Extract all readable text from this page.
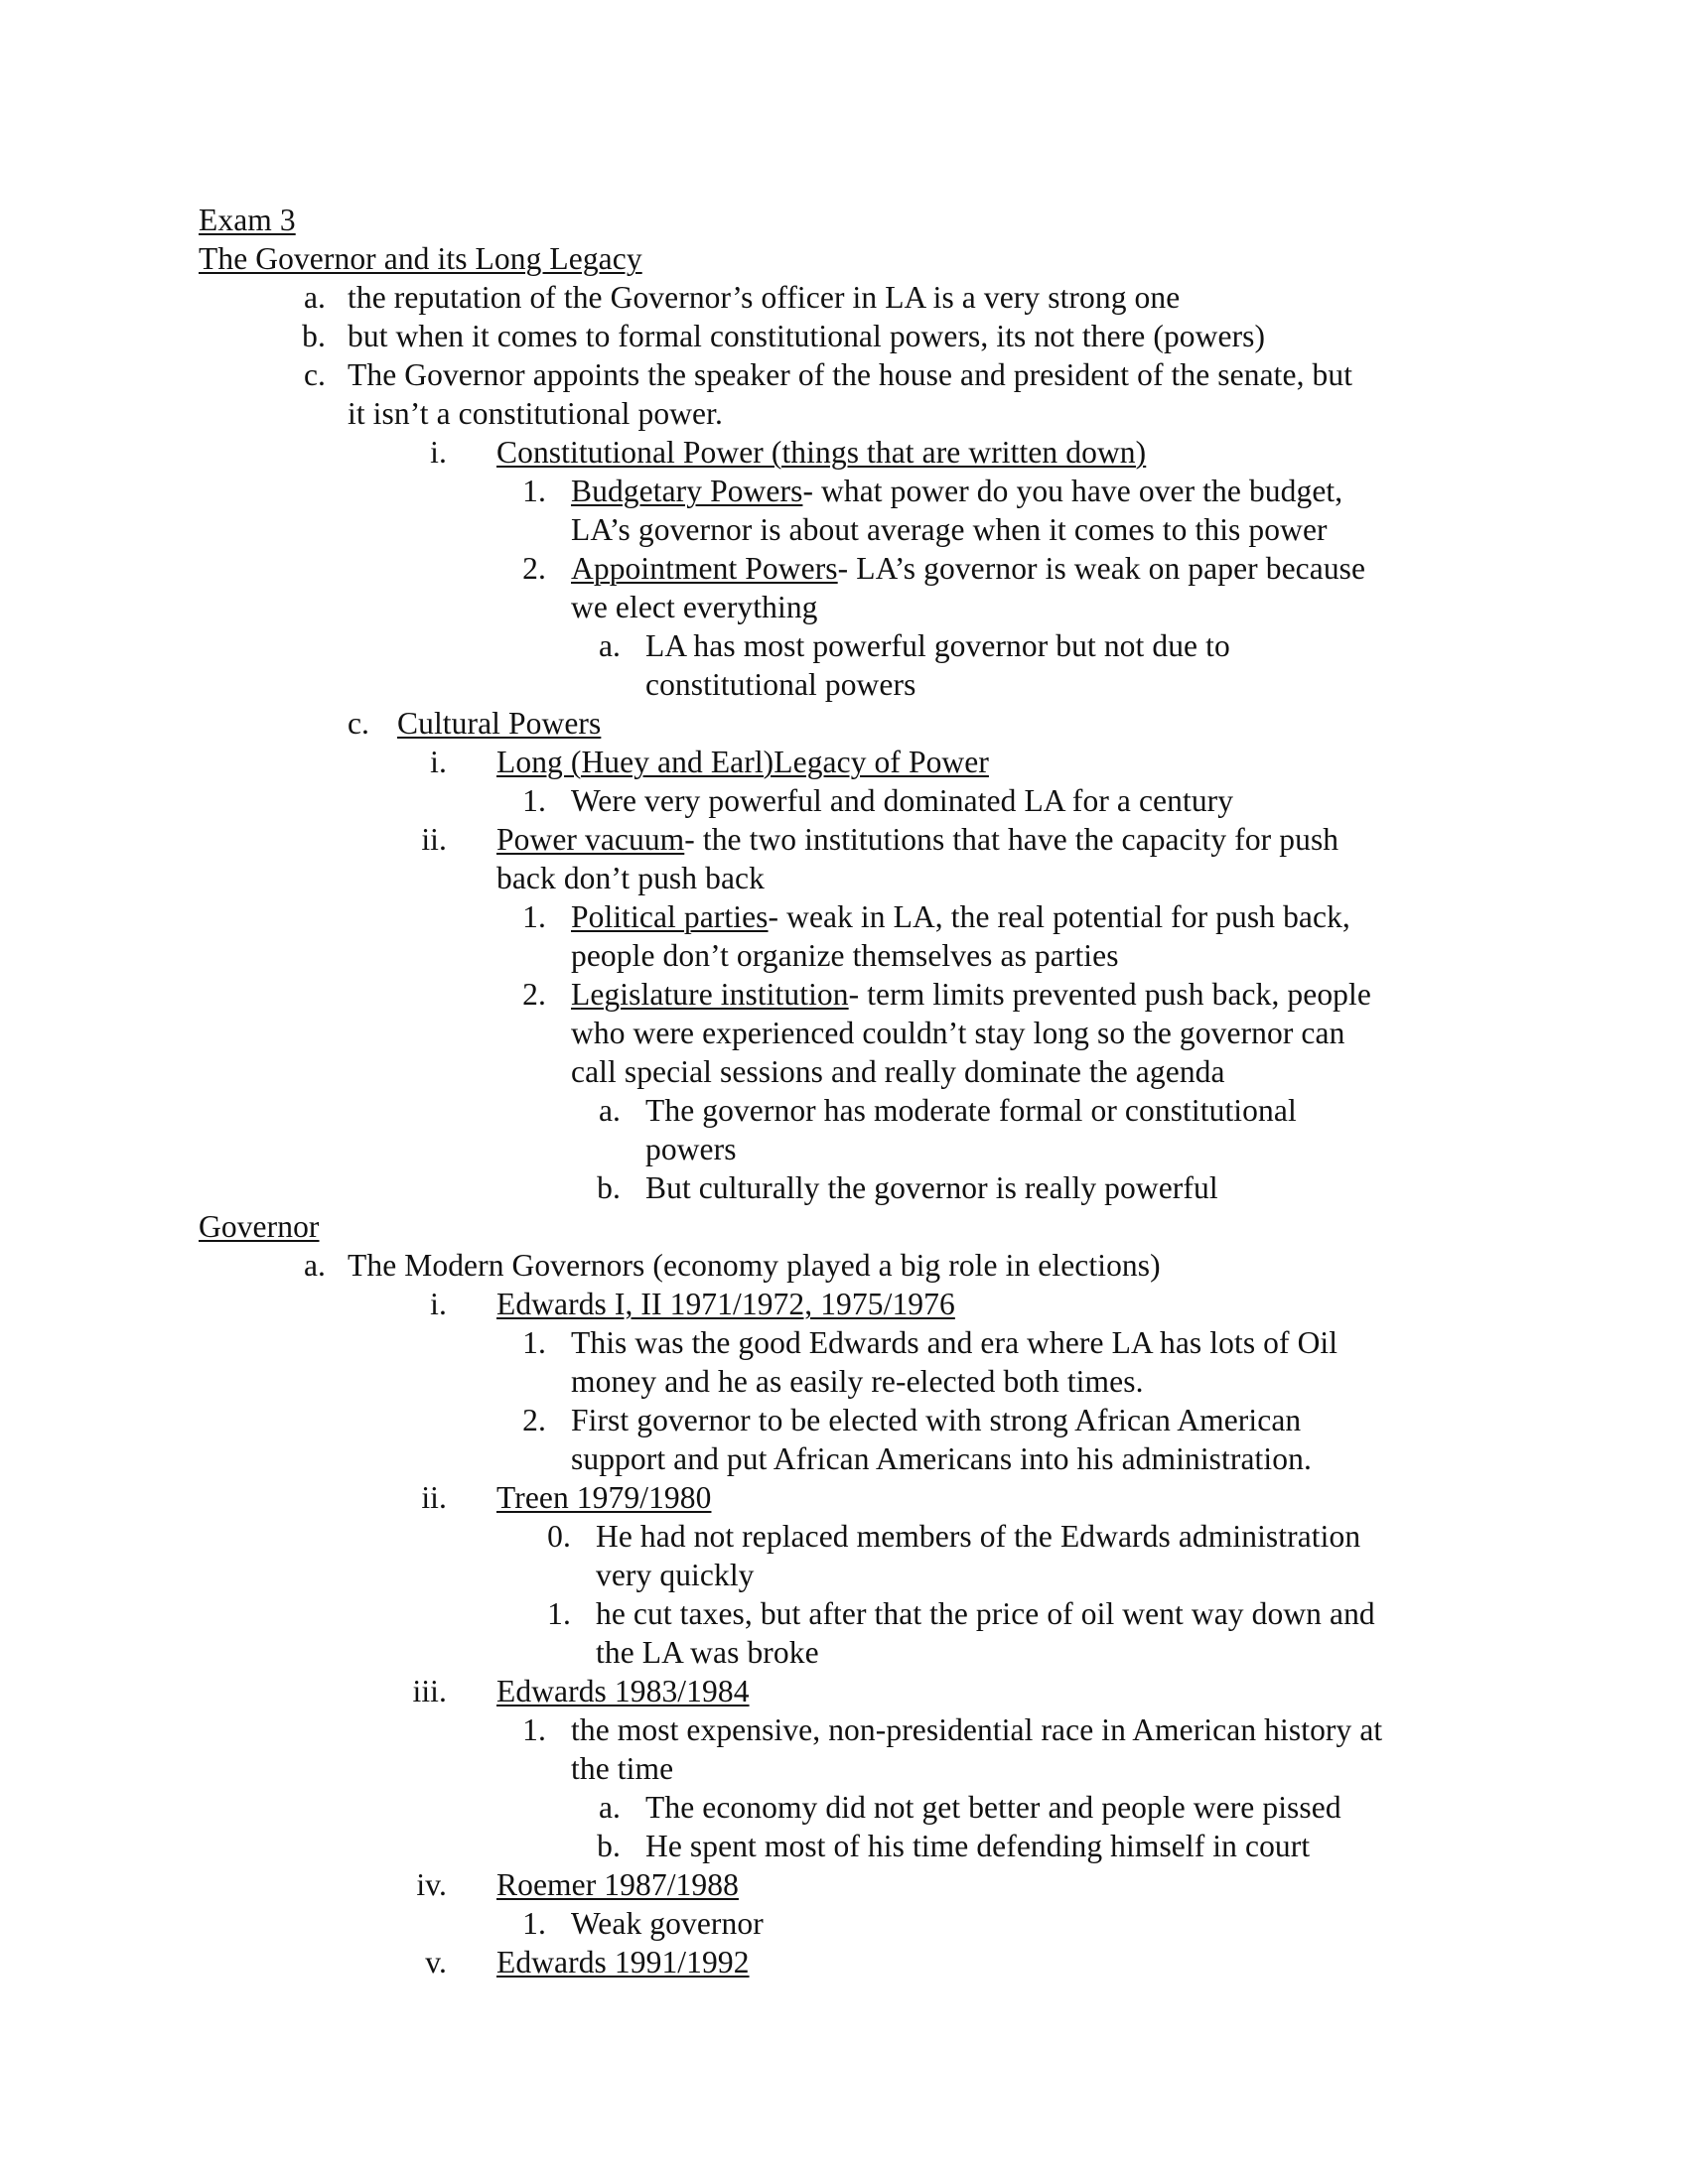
Exam 3
The Governor and its Long Legacy
a. the reputation of the Governor’s officer in LA is a very strong one
b. but when it comes to formal constitutional powers, its not there (powers)
c. The Governor appoints the speaker of the house and president of the senate, but
it isn’t a constitutional power.
i. Constitutional Power (things that are written down)
1. Budgetary Powers- what power do you have over the budget,
LA’s governor is about average when it comes to this power
2. Appointment Powers- LA’s governor is weak on paper because
we elect everything
a. LA has most powerful governor but not due to
constitutional powers
c. Cultural Powers
i. Long (Huey and Earl)Legacy of Power
1. Were very powerful and dominated LA for a century
ii. Power vacuum- the two institutions that have the capacity for push
back don’t push back
1. Political parties- weak in LA, the real potential for push back,
people don’t organize themselves as parties
2. Legislature institution- term limits prevented push back, people
who were experienced couldn’t stay long so the governor can
call special sessions and really dominate the agenda
a. The governor has moderate formal or constitutional
powers
b. But culturally the governor is really powerful
Governor
a. The Modern Governors (economy played a big role in elections)
i. Edwards I, II 1971/1972, 1975/1976
1. This was the good Edwards and era where LA has lots of Oil
money and he as easily re-elected both times.
2. First governor to be elected with strong African American
support and put African Americans into his administration.
ii. Treen 1979/1980
0. He had not replaced members of the Edwards administration
very quickly
1. he cut taxes, but after that the price of oil went way down and
the LA was broke
iii. Edwards 1983/1984
1. the most expensive, non-presidential race in American history at
the time
a. The economy did not get better and people were pissed
b. He spent most of his time defending himself in court
iv. Roemer 1987/1988
1. Weak governor
v. Edwards 1991/1992
